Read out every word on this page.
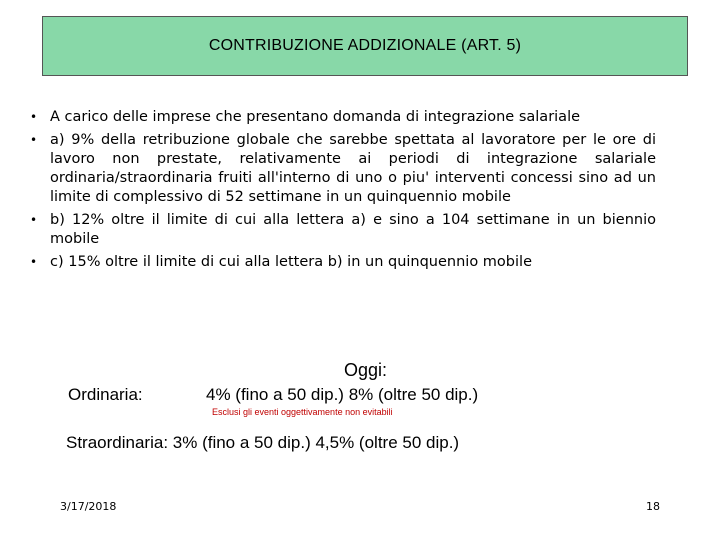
CONTRIBUZIONE ADDIZIONALE (ART. 5)
• A carico delle imprese che presentano domanda di integrazione salariale
• a) 9% della retribuzione globale che sarebbe spettata al lavoratore per le ore di lavoro non prestate, relativamente ai periodi di integrazione salariale ordinaria/straordinaria fruiti all'interno di uno o piu' interventi concessi sino ad un limite di complessivo di 52 settimane in un quinquennio mobile
• b) 12% oltre il limite di cui alla lettera a) e sino a 104 settimane in un biennio mobile
• c) 15% oltre il limite di cui alla lettera b) in un quinquennio mobile
Oggi:
Ordinaria:	4% (fino a 50 dip.) 8% (oltre 50 dip.)
Esclusi gli eventi oggettivamente non evitabili
Straordinaria: 3% (fino a 50 dip.) 4,5% (oltre 50 dip.)
3/17/2018	18
